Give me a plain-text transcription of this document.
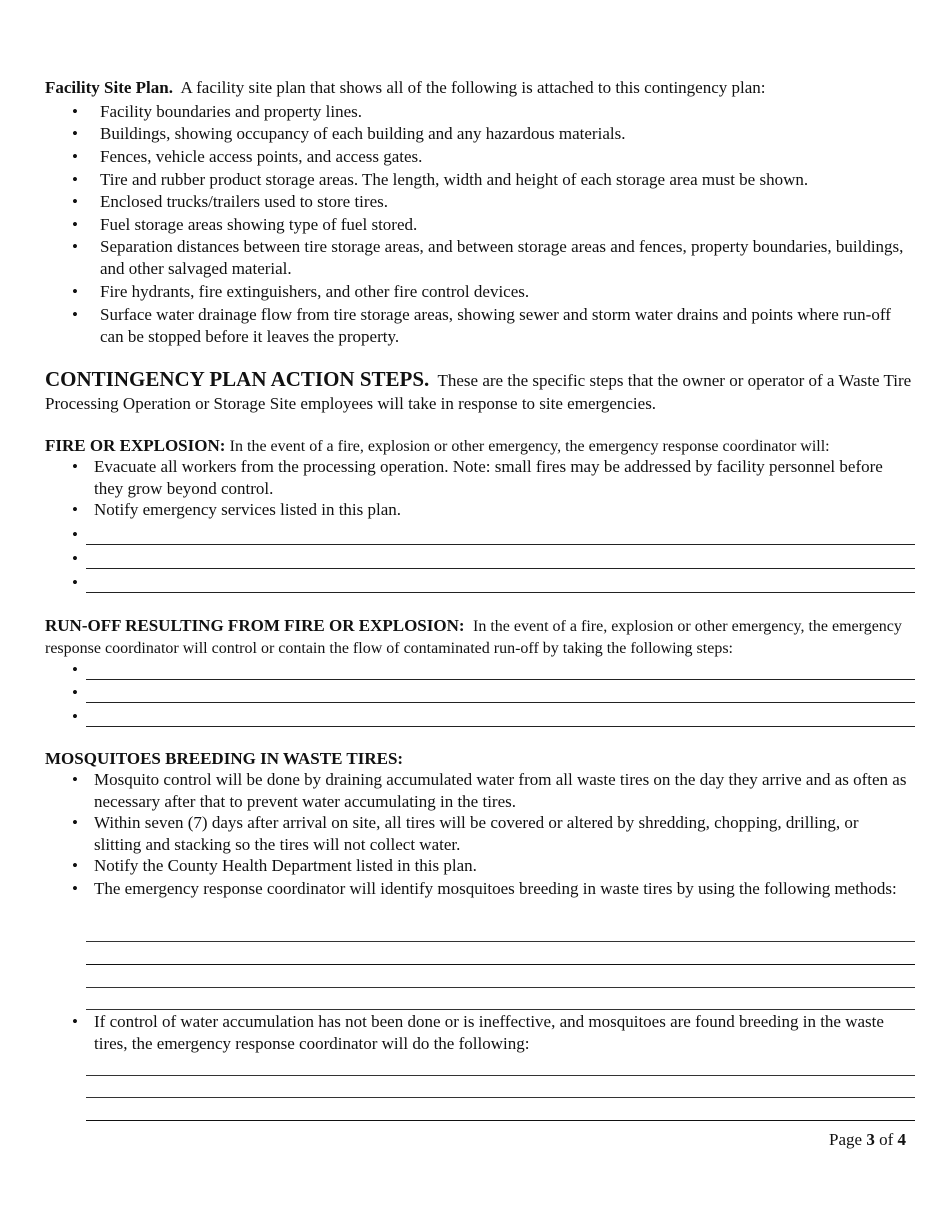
Facility Site Plan. A facility site plan that shows all of the following is attached to this contingency plan:
• Facility boundaries and property lines.
• Buildings, showing occupancy of each building and any hazardous materials.
• Fences, vehicle access points, and access gates.
• Tire and rubber product storage areas. The length, width and height of each storage area must be shown.
• Enclosed trucks/trailers used to store tires.
• Fuel storage areas showing type of fuel stored.
• Separation distances between tire storage areas, and between storage areas and fences, property boundaries, buildings, and other salvaged material.
• Fire hydrants, fire extinguishers, and other fire control devices.
• Surface water drainage flow from tire storage areas, showing sewer and storm water drains and points where run-off can be stopped before it leaves the property.
CONTINGENCY PLAN ACTION STEPS. These are the specific steps that the owner or operator of a Waste Tire Processing Operation or Storage Site employees will take in response to site emergencies.
FIRE OR EXPLOSION: In the event of a fire, explosion or other emergency, the emergency response coordinator will:
• Evacuate all workers from the processing operation. Note: small fires may be addressed by facility personnel before they grow beyond control.
• Notify emergency services listed in this plan.
•
•
•
RUN-OFF RESULTING FROM FIRE OR EXPLOSION: In the event of a fire, explosion or other emergency, the emergency response coordinator will control or contain the flow of contaminated run-off by taking the following steps:
•
•
•
MOSQUITOES BREEDING IN WASTE TIRES:
• Mosquito control will be done by draining accumulated water from all waste tires on the day they arrive and as often as necessary after that to prevent water accumulating in the tires.
• Within seven (7) days after arrival on site, all tires will be covered or altered by shredding, chopping, drilling, or slitting and stacking so the tires will not collect water.
• Notify the County Health Department listed in this plan.
• The emergency response coordinator will identify mosquitoes breeding in waste tires by using the following methods:
• If control of water accumulation has not been done or is ineffective, and mosquitoes are found breeding in the waste tires, the emergency response coordinator will do the following:
Page 3 of 4
